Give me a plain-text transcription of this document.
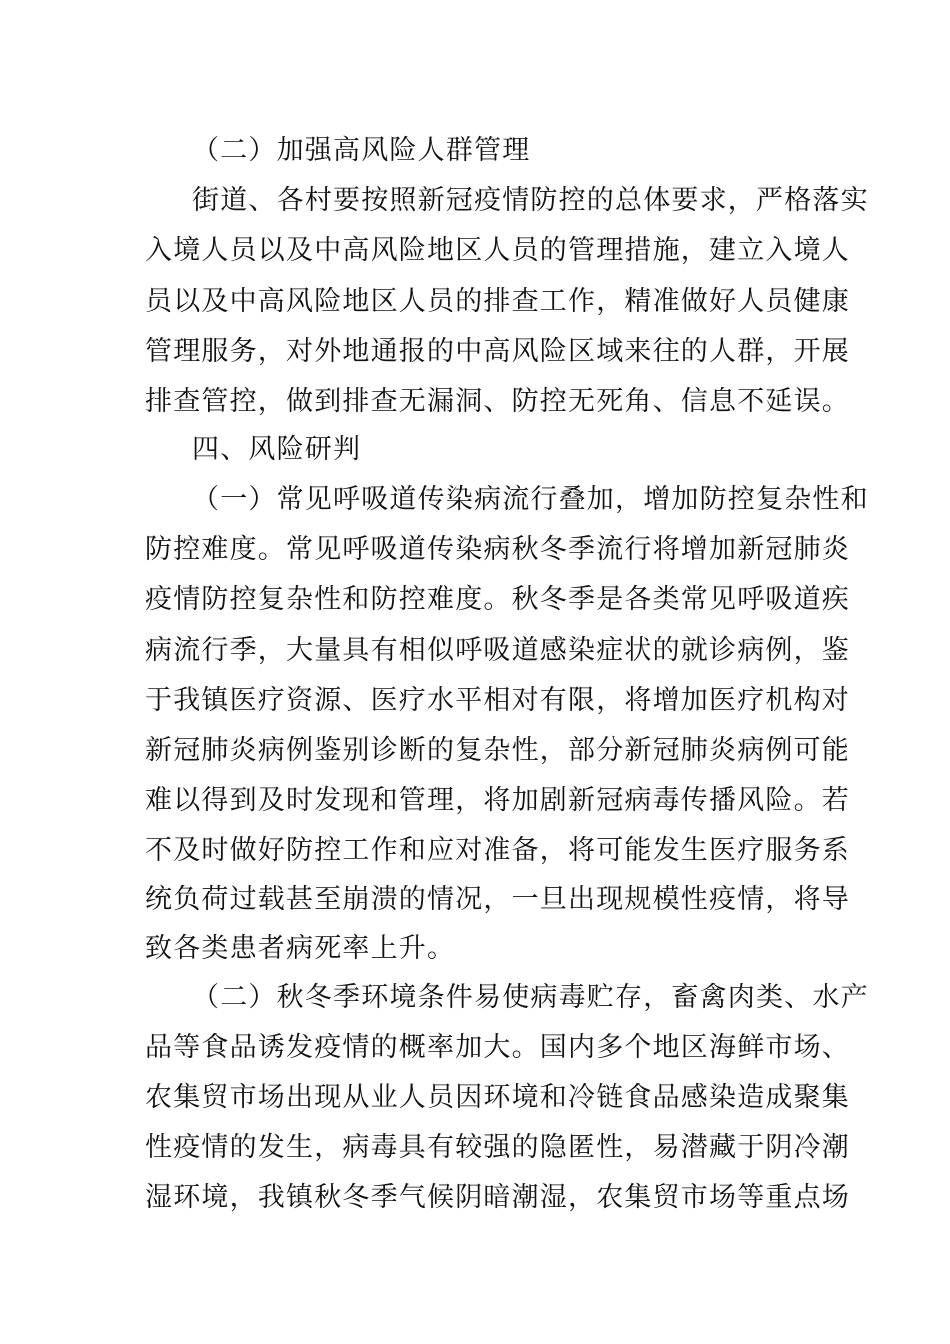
（二）加强高风险人群管理
街道、各村要按照新冠疫情防控的总体要求，严格落实
入境人员以及中高风险地区人员的管理措施，建立入境人
员以及中高风险地区人员的排查工作，精准做好人员健康
管理服务，对外地通报的中高风险区域来往的人群，开展
排查管控，做到排查无漏洞、防控无死角、信息不延误。
四、风险研判
（一）常见呼吸道传染病流行叠加，增加防控复杂性和
防控难度。常见呼吸道传染病秋冬季流行将增加新冠肺炎
疫情防控复杂性和防控难度。秋冬季是各类常见呼吸道疾
病流行季，大量具有相似呼吸道感染症状的就诊病例，鉴
于我镇医疗资源、医疗水平相对有限，将增加医疗机构对
新冠肺炎病例鉴别诊断的复杂性，部分新冠肺炎病例可能
难以得到及时发现和管理，将加剧新冠病毒传播风险。若
不及时做好防控工作和应对准备，将可能发生医疗服务系
统负荷过载甚至崩溃的情况，一旦出现规模性疫情，将导
致各类患者病死率上升。
（二）秋冬季环境条件易使病毒贮存，畜禽肉类、水产
品等食品诱发疫情的概率加大。国内多个地区海鲜市场、
农集贸市场出现从业人员因环境和冷链食品感染造成聚集
性疫情的发生，病毒具有较强的隐匿性，易潜藏于阴冷潮
湿环境，我镇秋冬季气候阴暗潮湿，农集贸市场等重点场
